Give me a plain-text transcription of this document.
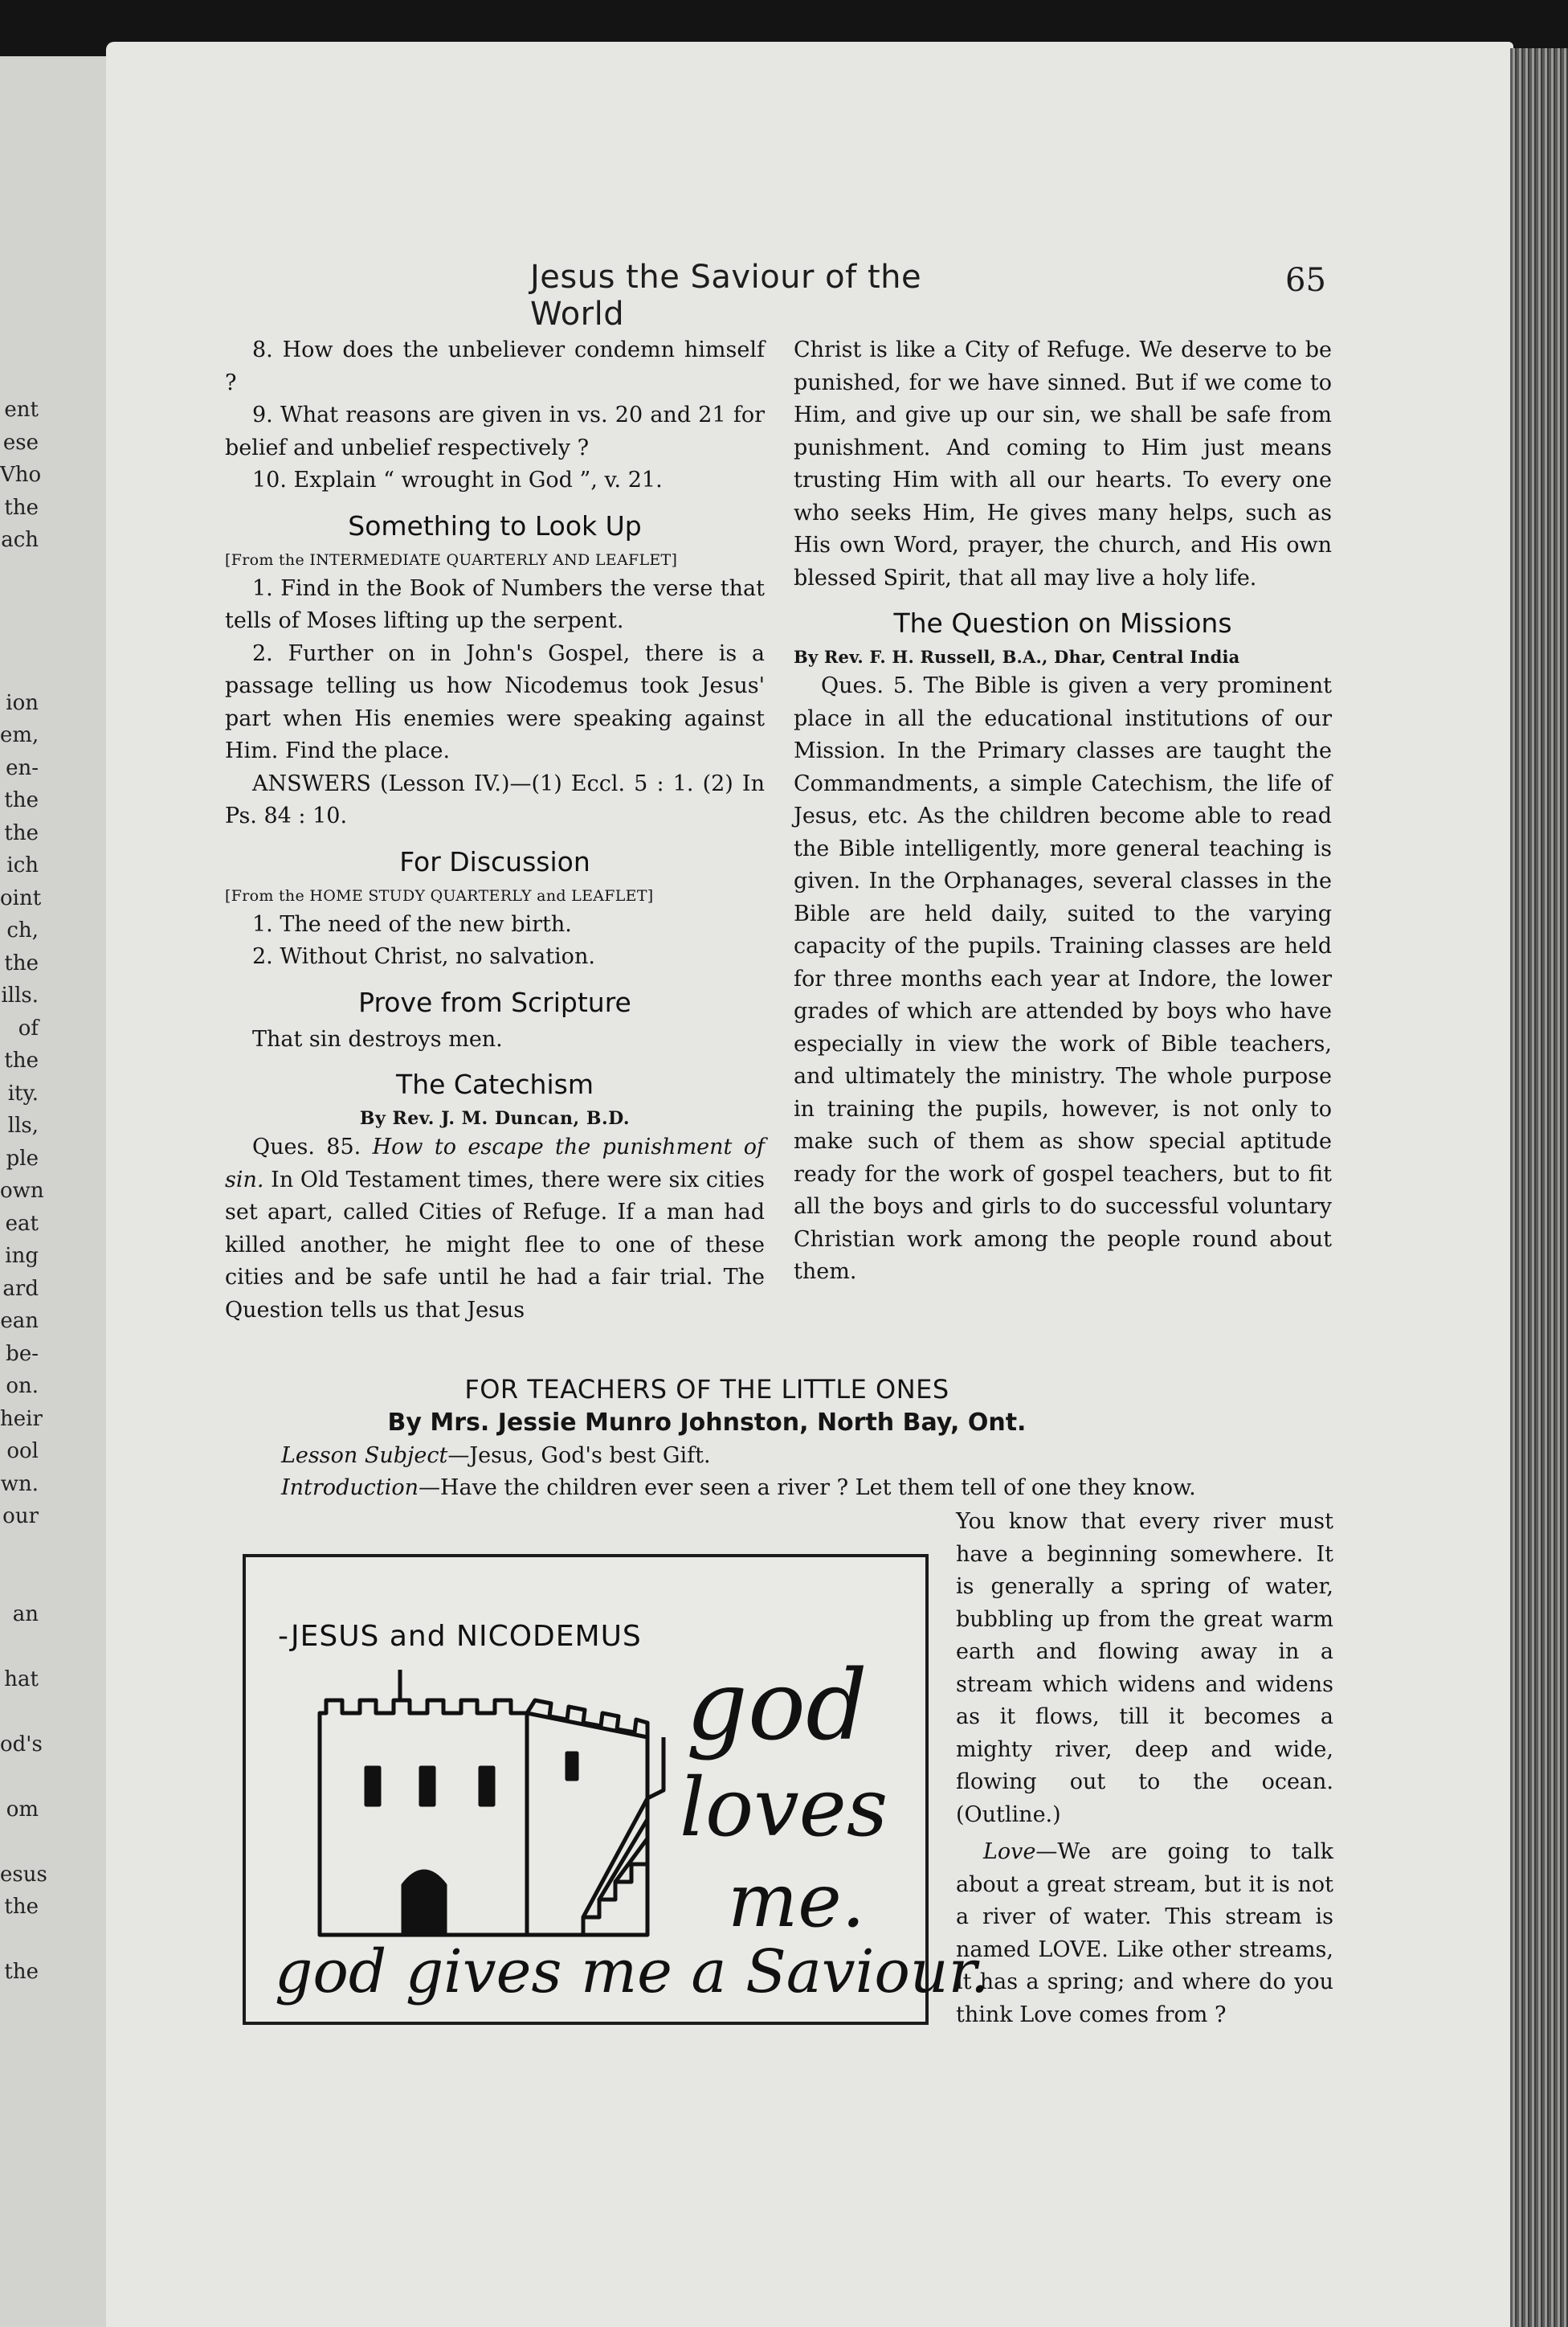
ent
ese
Vho
the
ach
ion
em,
en-
the
the
ich
oint
ch,
the
ills.
of
the
ity.
lls,
ple
own
eat
ing
ard
ean
be-
on.
heir
ool
wn.
our
an
hat
od's
om
esus
the
the
Jesus the Saviour of the World
65

8. How does the unbeliever condemn himself ?

9. What reasons are given in vs. 20 and 21 for belief and unbelief respectively ?

10. Explain “ wrought in God ”, v. 21.

Something to Look Up
[From the INTERMEDIATE QUARTERLY AND LEAFLET]

1. Find in the Book of Numbers the verse that tells of Moses lifting up the serpent.

2. Further on in John's Gospel, there is a passage telling us how Nicodemus took Jesus' part when His enemies were speaking against Him. Find the place.

ANSWERS (Lesson IV.)—(1) Eccl. 5 : 1. (2) In Ps. 84 : 10.

For Discussion
[From the HOME STUDY QUARTERLY and LEAFLET]

1. The need of the new birth.

2. Without Christ, no salvation.

Prove from Scripture

That sin destroys men.

The Catechism
By Rev. J. M. Duncan, B.D.

Ques. 85. How to escape the punishment of sin. In Old Testament times, there were six cities set apart, called Cities of Refuge. If a man had killed another, he might flee to one of these cities and be safe until he had a fair trial. The Question tells us that Jesus

Christ is like a City of Refuge. We deserve to be punished, for we have sinned. But if we come to Him, and give up our sin, we shall be safe from punishment. And coming to Him just means trusting Him with all our hearts. To every one who seeks Him, He gives many helps, such as His own Word, prayer, the church, and His own blessed Spirit, that all may live a holy life.

The Question on Missions
By Rev. F. H. Russell, B.A., Dhar, Central India

Ques. 5. The Bible is given a very prominent place in all the educational institutions of our Mission. In the Primary classes are taught the Commandments, a simple Catechism, the life of Jesus, etc. As the children become able to read the Bible intelligently, more general teaching is given. In the Orphanages, several classes in the Bible are held daily, suited to the varying capacity of the pupils. Training classes are held for three months each year at Indore, the lower grades of which are attended by boys who have especially in view the work of Bible teachers, and ultimately the ministry. The whole purpose in training the pupils, however, is not only to make such of them as show special aptitude ready for the work of gospel teachers, but to fit all the boys and girls to do successful voluntary Christian work among the people round about them.

FOR TEACHERS OF THE LITTLE ONES
By Mrs. Jessie Munro Johnston, North Bay, Ont.

Lesson Subject—Jesus, God's best Gift.

Introduction—Have the children ever seen a river ? Let them tell of one they know.

You know that every river must have a beginning somewhere. It is generally a spring of water, bubbling up from the great warm earth and flowing away in a stream which widens and widens as it flows, till it becomes a mighty river, deep and wide, flowing out to the ocean. (Outline.)

Love—We are going to talk about a great stream, but it is not a river of water. This stream is named LOVE. Like other streams, it has a spring; and where do you think Love comes from ?

-JESUS and NICODEMUS
god
loves
me.
god gives me a Saviour.
